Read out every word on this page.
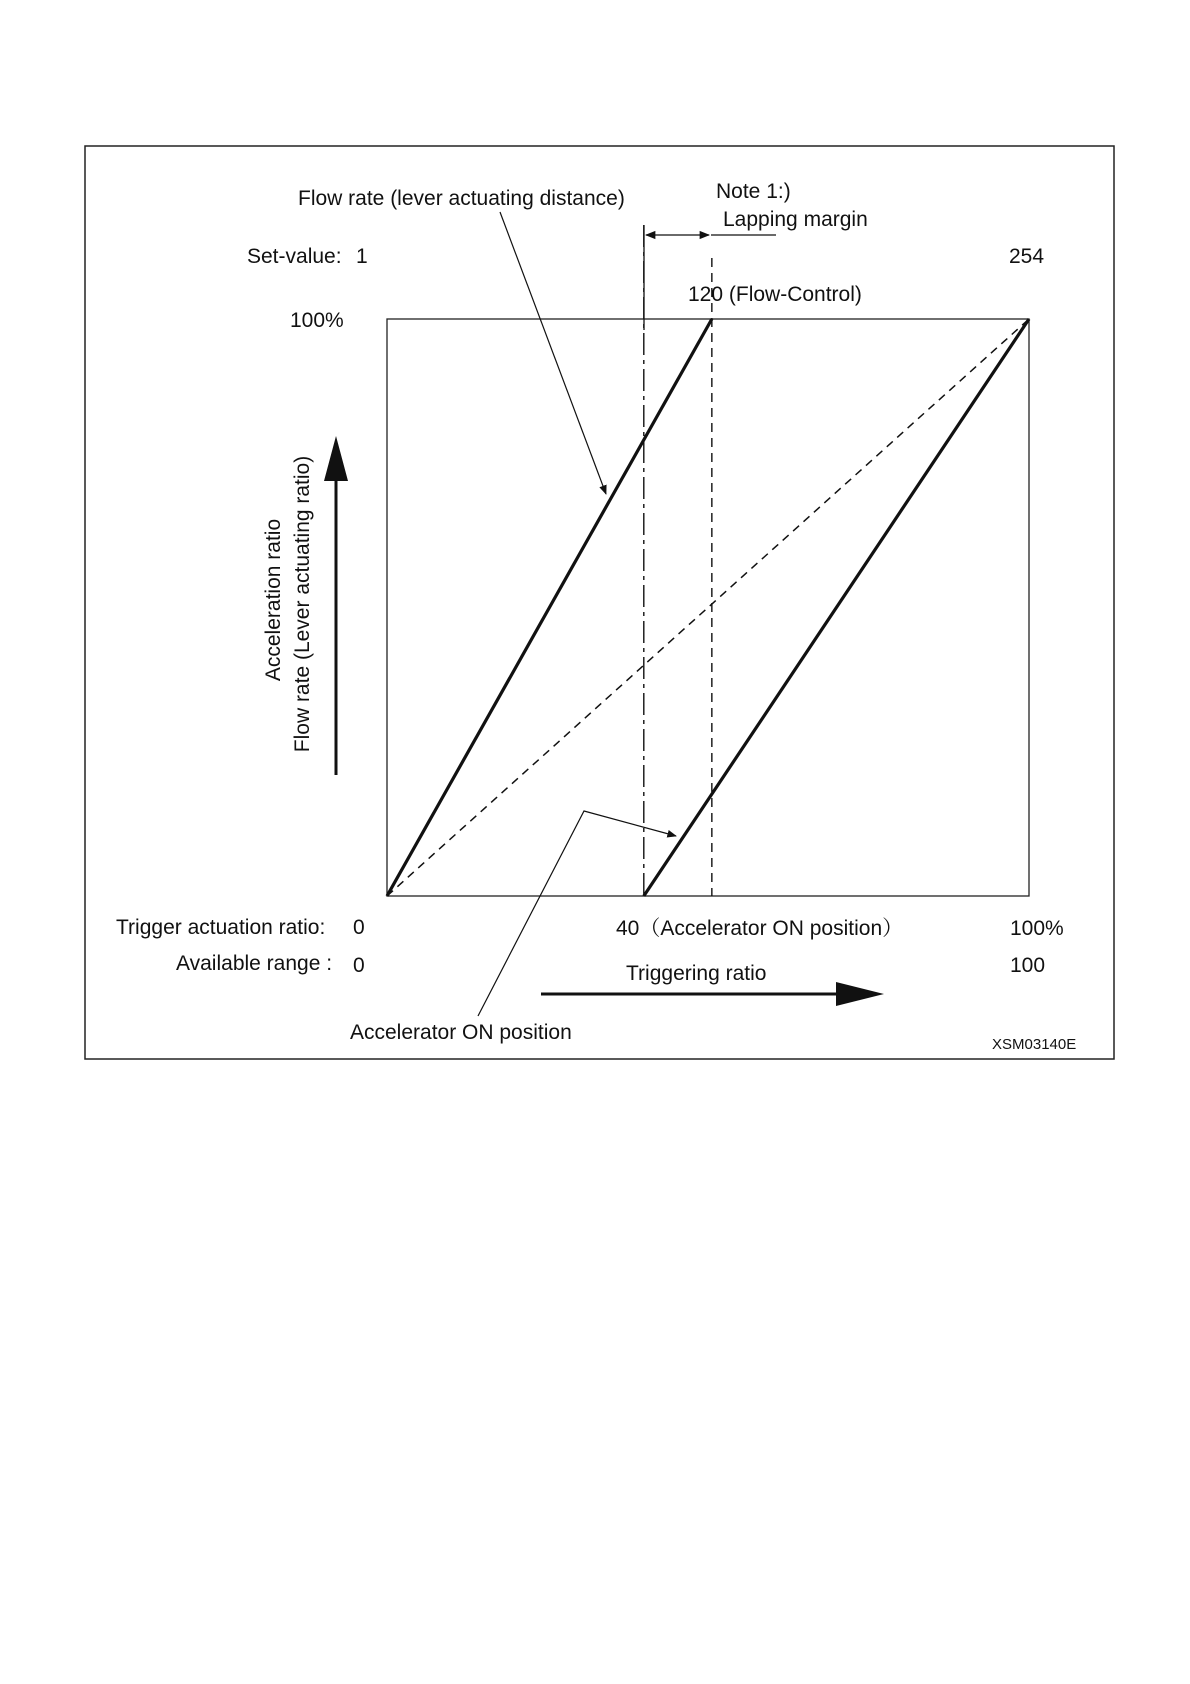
Flow rate (lever actuating distance)	Note 1:)
Lapping margin
Set-value: 1	254
120 (Flow-Control)
100%
Acceleration ratio Flow rate (Lever actuating ratio)
Trigger actuation ratio: 0
Available range : 0
40（Accelerator ON position）	100%
100
Triggering ratio
Accelerator ON position
XSM03140E
